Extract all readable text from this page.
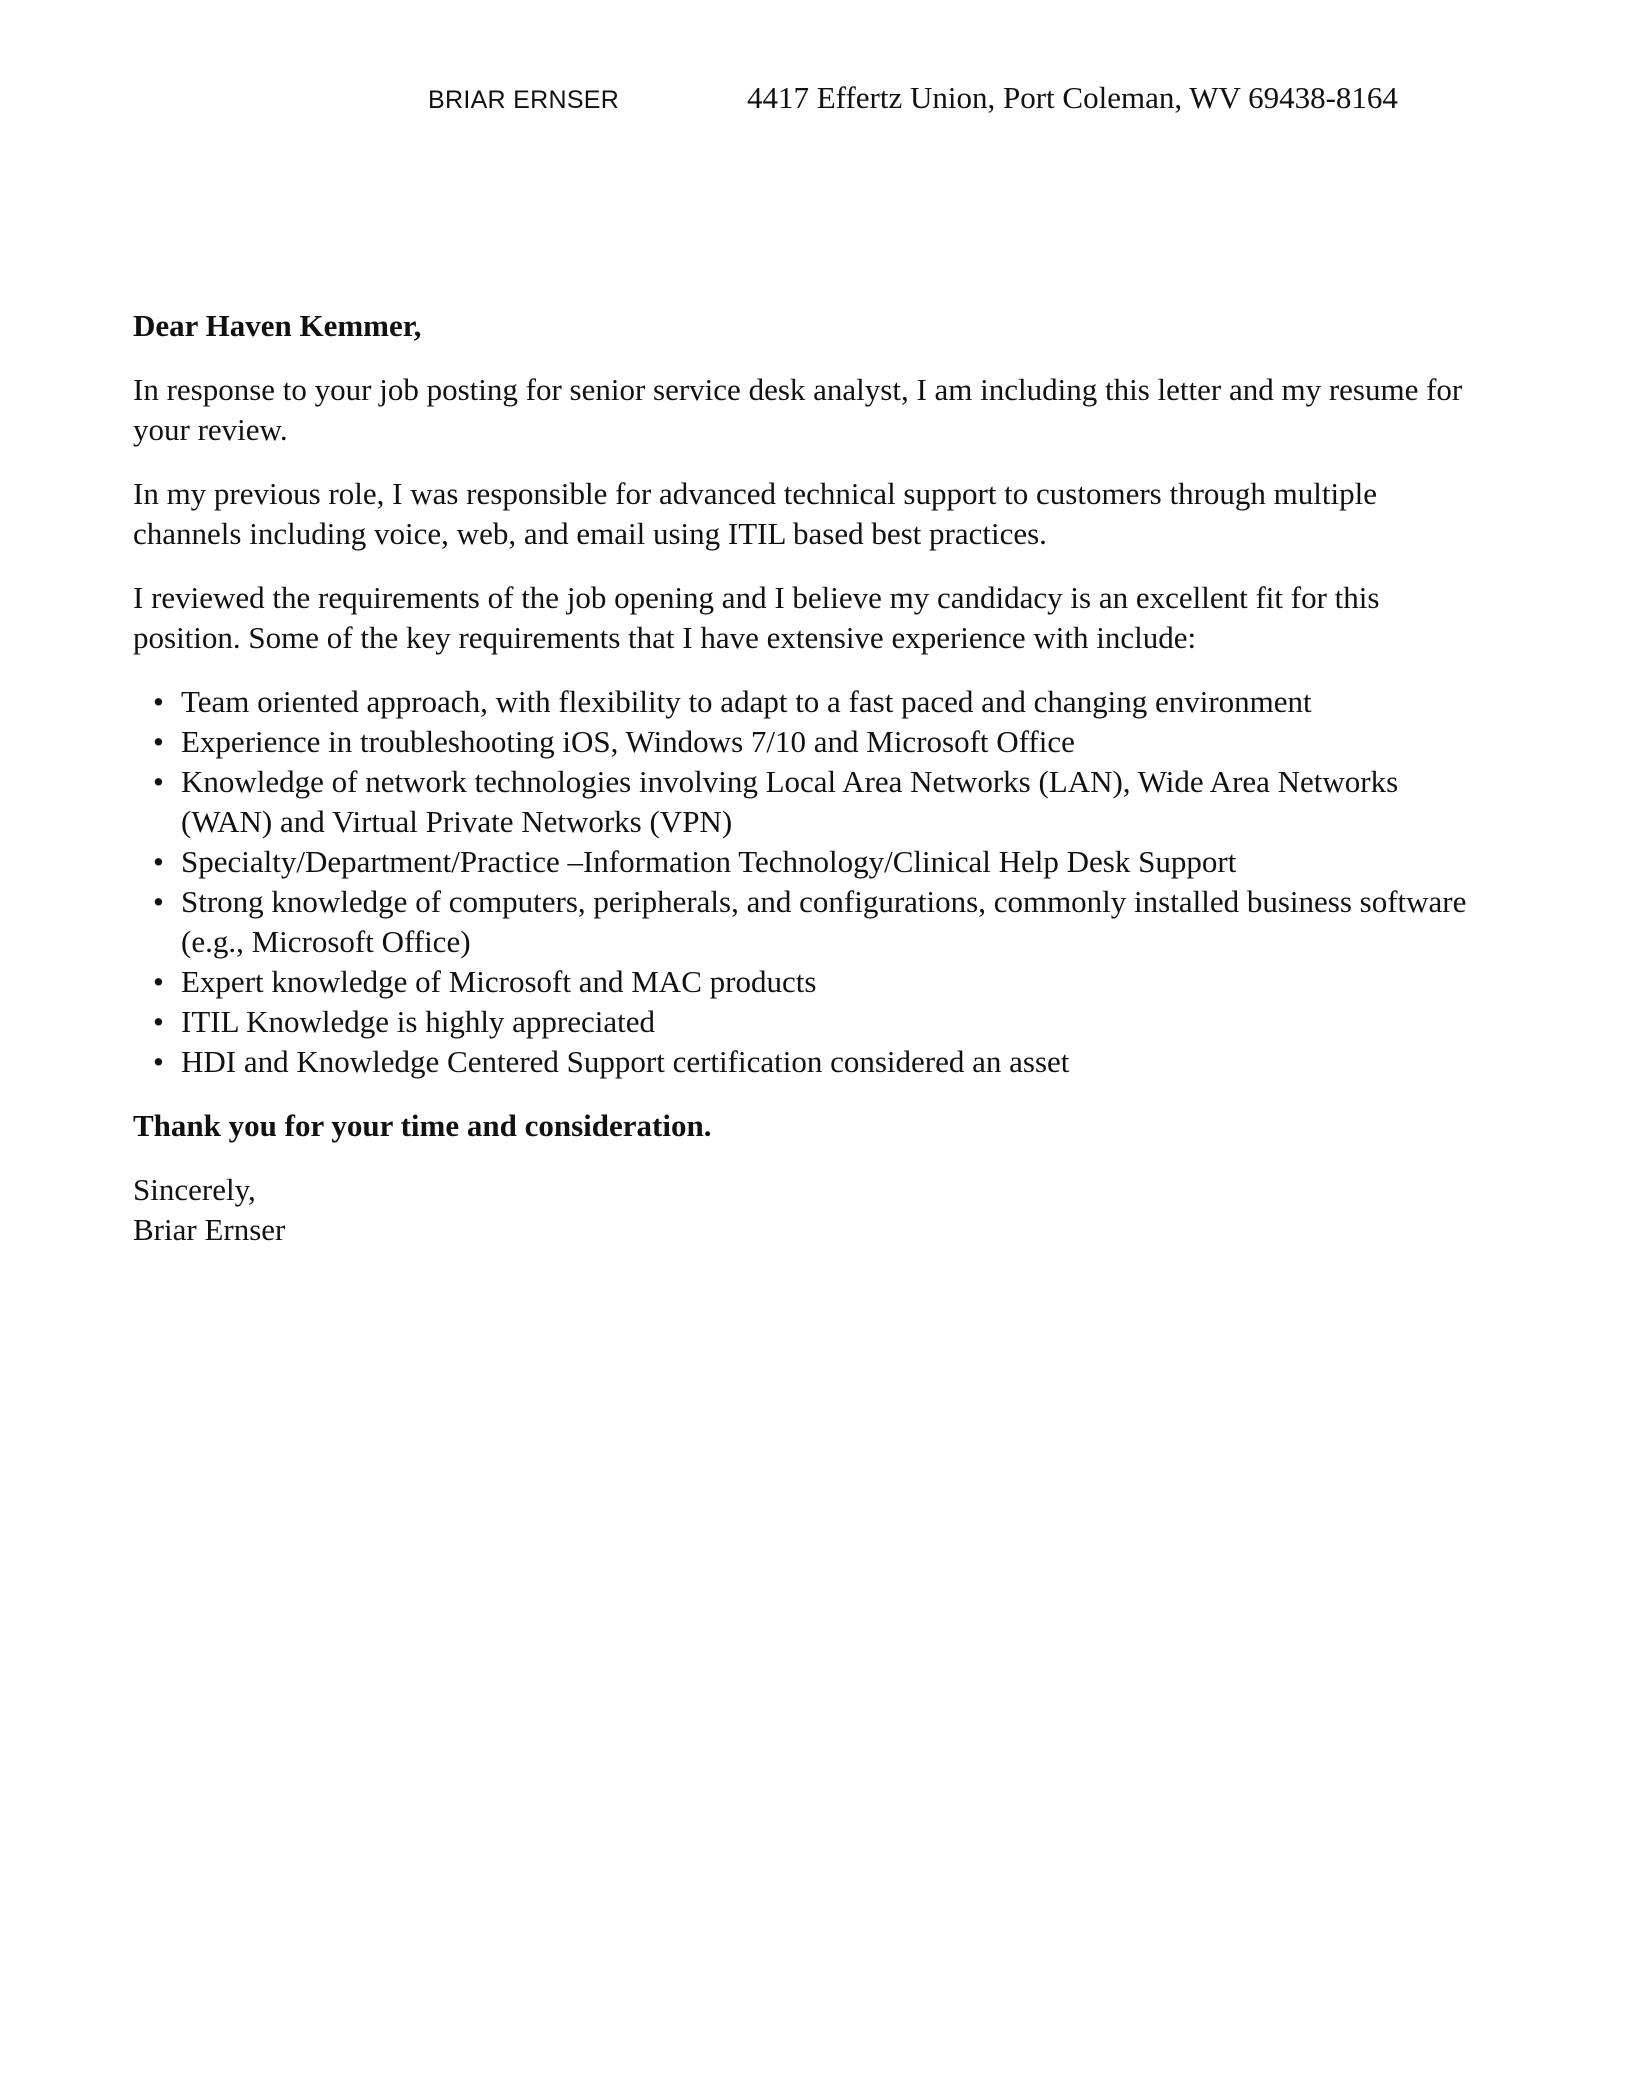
BRIAR ERNSER	4417 Effertz Union, Port Coleman, WV 69438-8164

Dear Haven Kemmer,

In response to your job posting for senior service desk analyst, I am including this letter and my resume for your review.

In my previous role, I was responsible for advanced technical support to customers through multiple channels including voice, web, and email using ITIL based best practices.

I reviewed the requirements of the job opening and I believe my candidacy is an excellent fit for this position. Some of the key requirements that I have extensive experience with include:

• Team oriented approach, with flexibility to adapt to a fast paced and changing environment
• Experience in troubleshooting iOS, Windows 7/10 and Microsoft Office
• Knowledge of network technologies involving Local Area Networks (LAN), Wide Area Networks (WAN) and Virtual Private Networks (VPN)
• Specialty/Department/Practice –Information Technology/Clinical Help Desk Support
• Strong knowledge of computers, peripherals, and configurations, commonly installed business software (e.g., Microsoft Office)
• Expert knowledge of Microsoft and MAC products
• ITIL Knowledge is highly appreciated
• HDI and Knowledge Centered Support certification considered an asset

Thank you for your time and consideration.

Sincerely,
Briar Ernser
